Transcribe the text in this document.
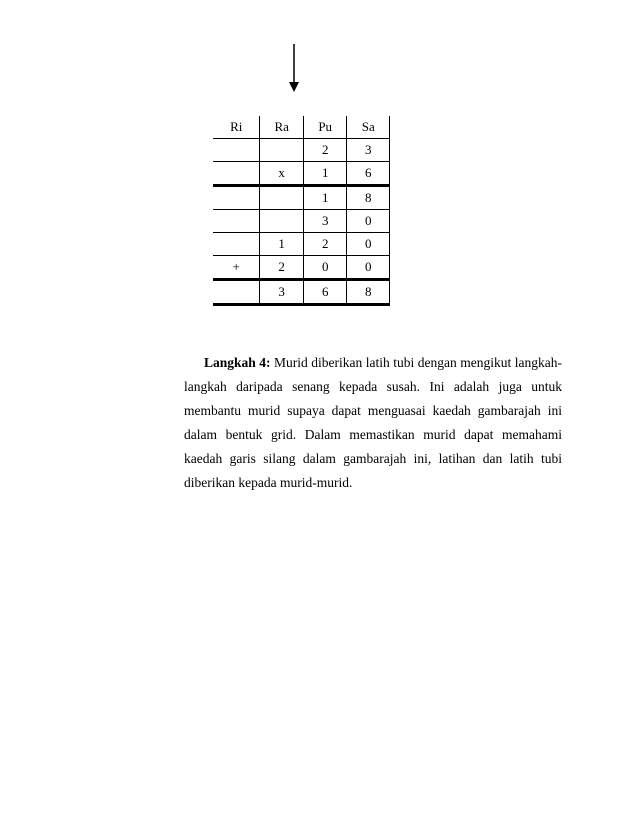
Ri	Ra	Pu	Sa
		2	3
	x	1	6
		1	8
		3	0
	1	2	0
+	2	0	0
	3	6	8

Langkah 4: Murid diberikan latih tubi dengan mengikut langkah-langkah daripada senang kepada susah. Ini adalah juga untuk membantu murid supaya dapat menguasai kaedah gambarajah ini dalam bentuk grid. Dalam memastikan murid dapat memahami kaedah garis silang dalam gambarajah ini, latihan dan latih tubi diberikan kepada murid-murid.
